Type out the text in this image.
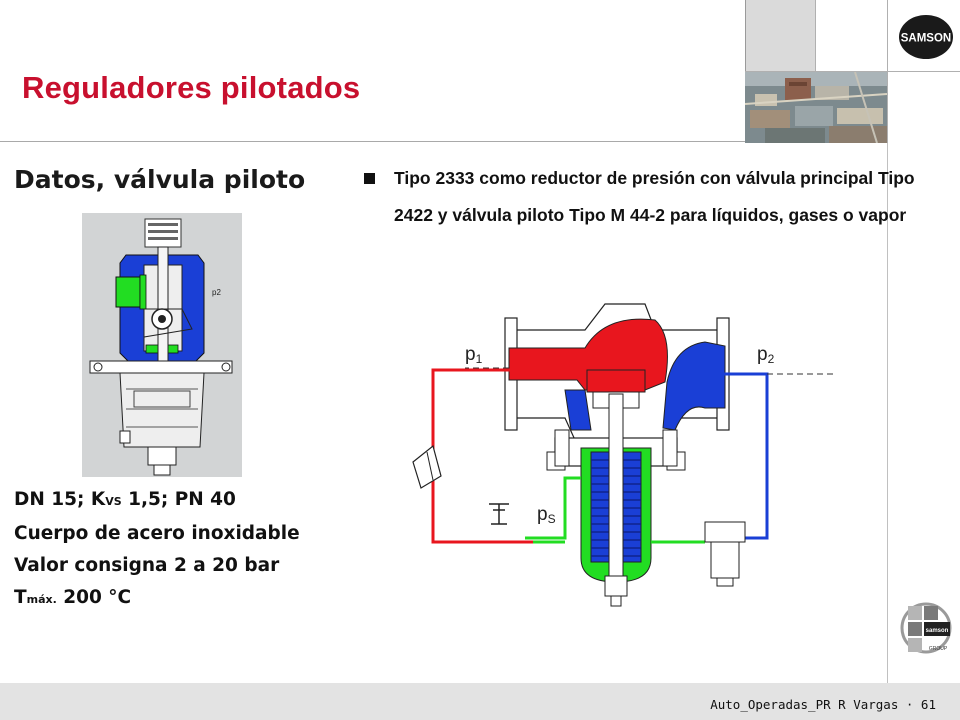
SAMSON
Reguladores pilotados
Datos, válvula piloto
p2
DN 15; KVS 1,5; PN 40
Cuerpo de acero inoxidable
Valor consigna 2 a 20 bar
Tmáx. 200 °C
Tipo 2333 como reductor de presión con válvula principal Tipo 2422 y válvula piloto Tipo M 44-2 para líquidos, gases o vapor
p1	p2
pS
samson
GROUP
Auto_Operadas_PR R Vargas · 61
